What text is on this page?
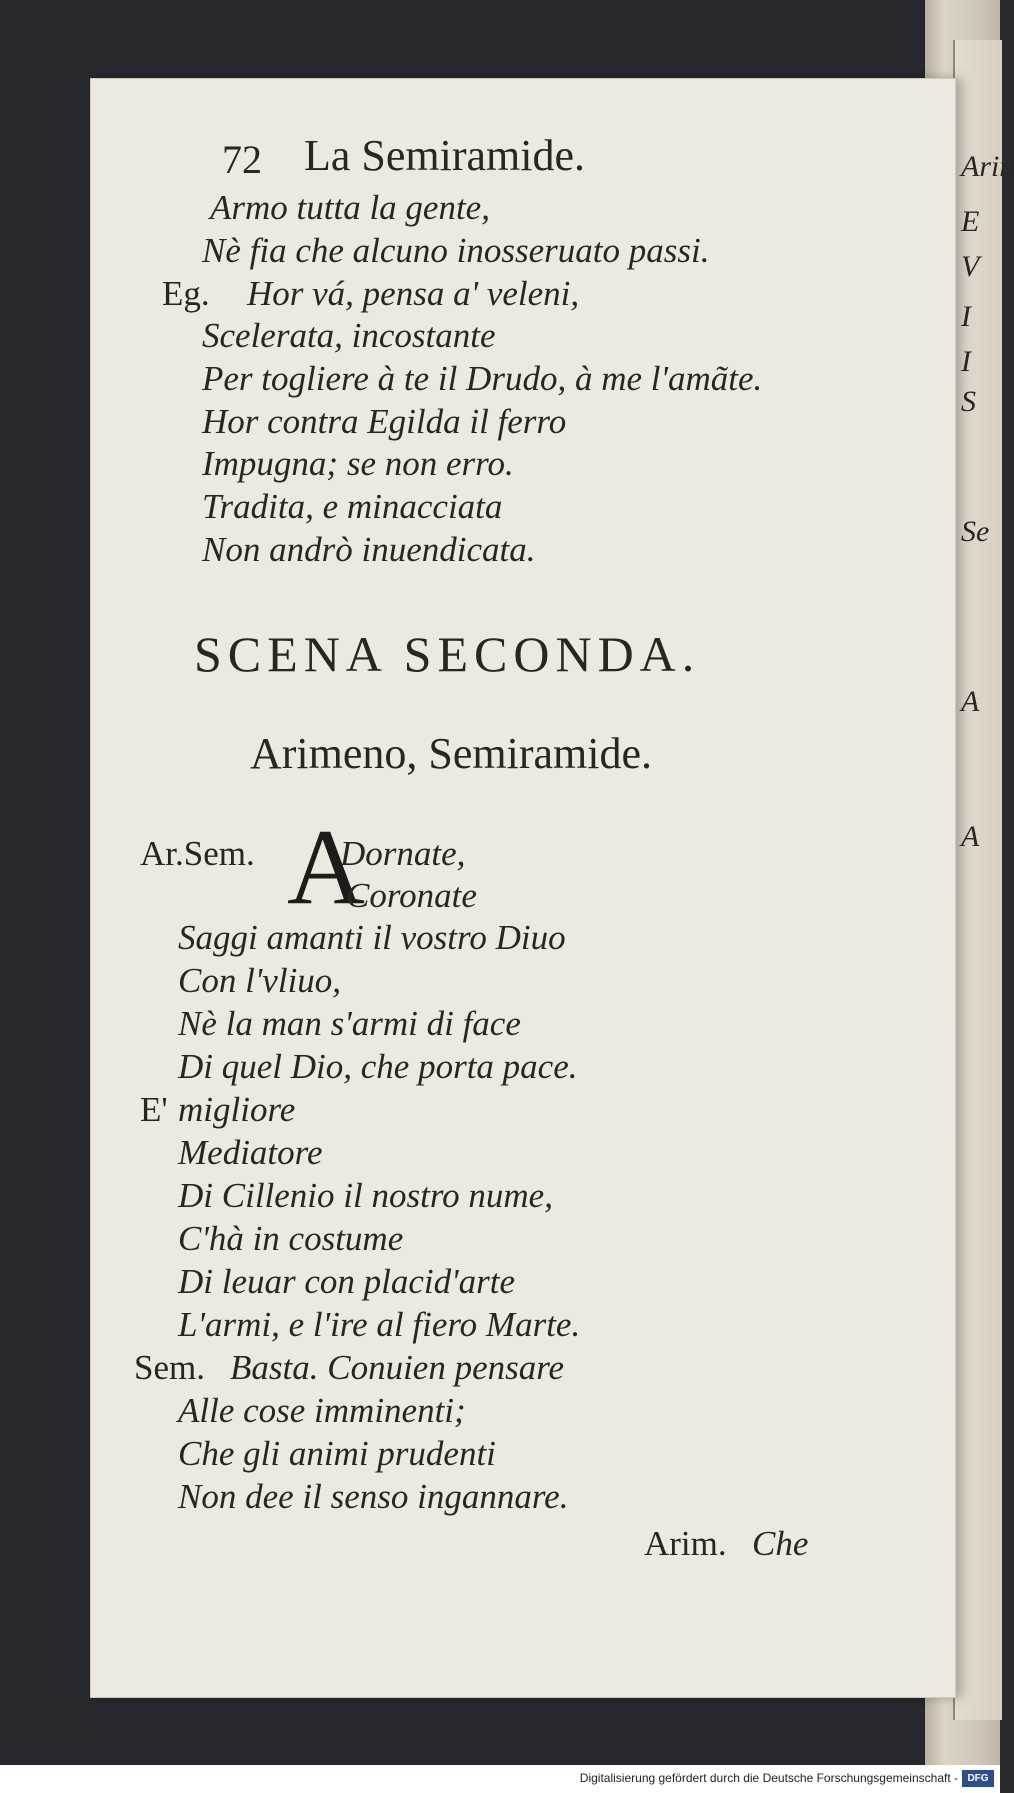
Arin
E
V
I
I
S
Se
A
A
72 La Semiramide.
Armo tutta la gente,
Nè fia che alcuno inosseruato passi.
Eg. Hor vá, pensa a' veleni,
Scelerata, incostante
Per togliere à te il Drudo, à me l'amãte.
Hor contra Egilda il ferro
Impugna; se non erro.
Tradita, e minacciata
Non andrò inuendicata.
SCENA SECONDA.
Arimeno, Semiramide.
Ar.Sem. A
Dornate,
Coronate
Saggi amanti il vostro Diuo
Con l'vliuo,
Nè la man s'armi di face
Di quel Dio, che porta pace.
E' migliore
Mediatore
Di Cillenio il nostro nume,
C'hà in costume
Di leuar con placid'arte
L'armi, e l'ire al fiero Marte.
Sem. Basta. Conuien pensare
Alle cose imminenti;
Che gli animi prudenti
Non dee il senso ingannare.
Arim. Che
Digitalisierung gefördert durch die Deutsche Forschungsgemeinschaft - DFG
